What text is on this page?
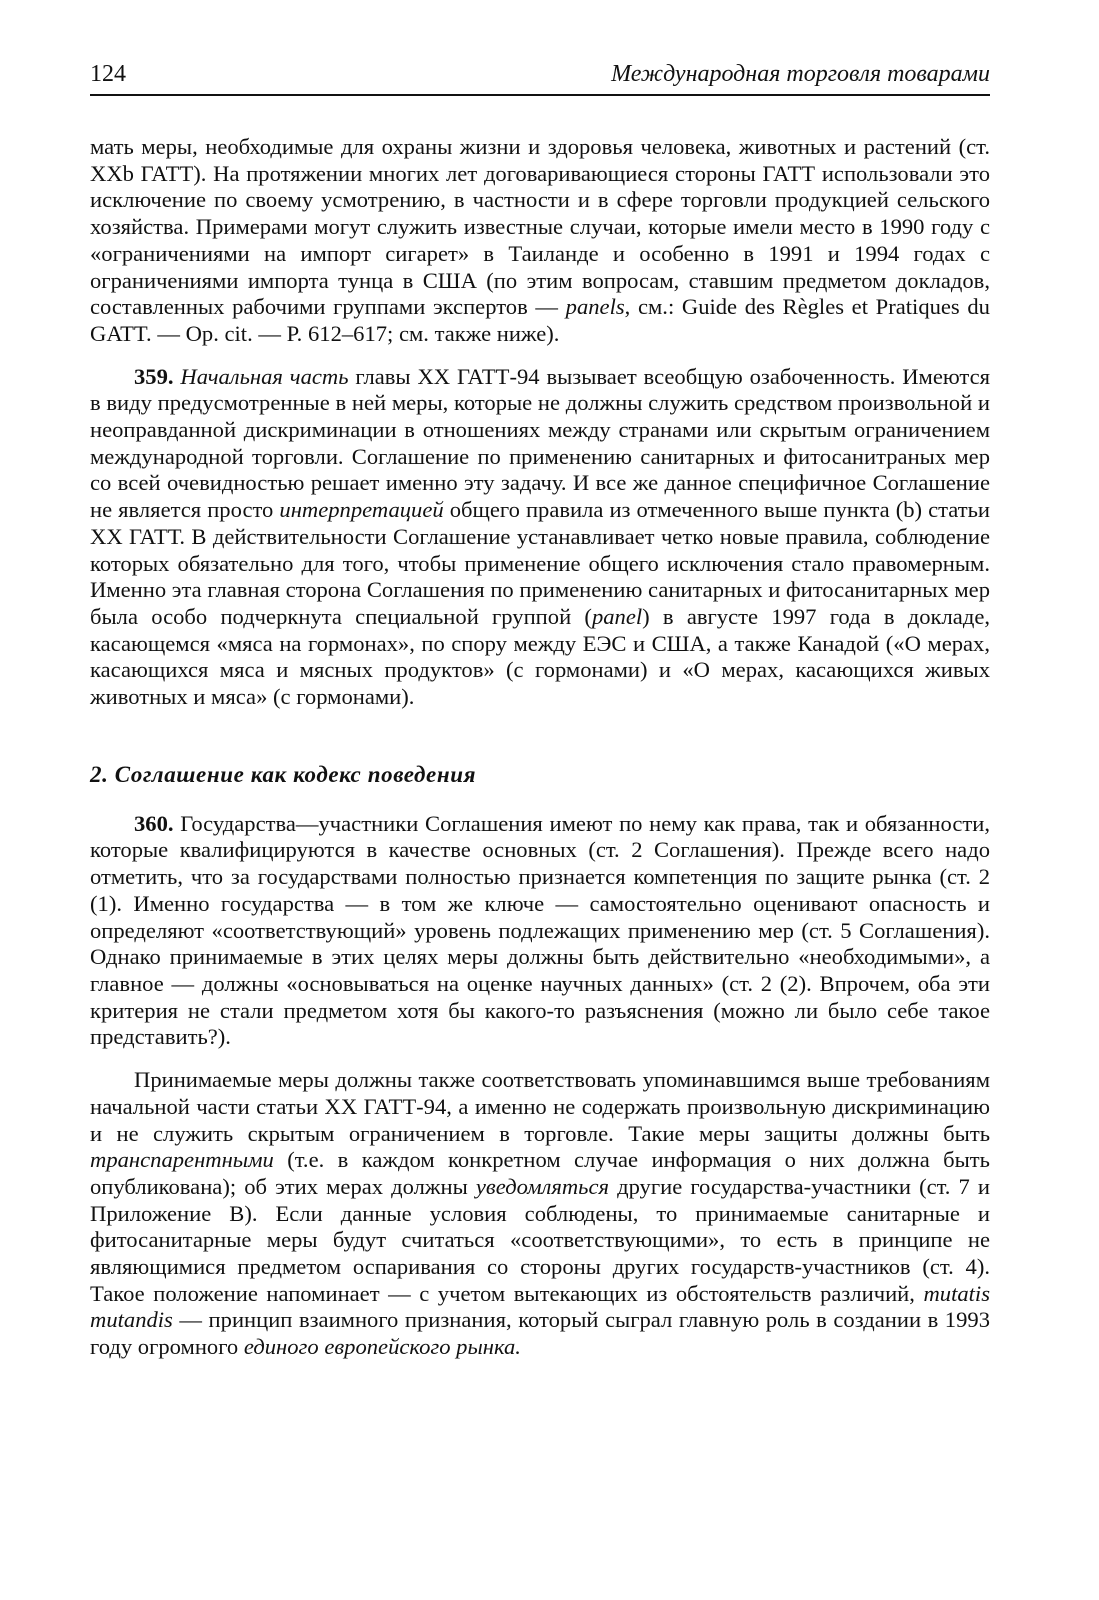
124	Международная торговля товарами

мать меры, необходимые для охраны жизни и здоровья человека, животных и растений (ст. XXb ГАТТ). На протяжении многих лет договаривающиеся стороны ГАТТ использовали это исключение по своему усмотрению, в частности и в сфере торговли продукцией сельского хозяйства. Примерами могут служить известные случаи, которые имели место в 1990 году с «ограничениями на импорт сигарет» в Таиланде и особенно в 1991 и 1994 годах с ограничениями импорта тунца в США (по этим вопросам, ставшим предметом докладов, составленных рабочими группами экспертов — panels, см.: Guide des Règles et Pratiques du GATT. — Op. cit. — P. 612–617; см. также ниже).

359. Начальная часть главы XX ГАТТ-94 вызывает всеобщую озабоченность. Имеются в виду предусмотренные в ней меры, которые не должны служить средством произвольной и неоправданной дискриминации в отношениях между странами или скрытым ограничением международной торговли. Соглашение по применению санитарных и фитосанитраных мер со всей очевидностью решает именно эту задачу. И все же данное специфичное Соглашение не является просто интерпретацией общего правила из отмеченного выше пункта (b) статьи XX ГАТТ. В действительности Соглашение устанавливает четко новые правила, соблюдение которых обязательно для того, чтобы применение общего исключения стало правомерным. Именно эта главная сторона Соглашения по применению санитарных и фитосанитарных мер была особо подчеркнута специальной группой (panel) в августе 1997 года в докладе, касающемся «мяса на гормонах», по спору между ЕЭС и США, а также Канадой («О мерах, касающихся мяса и мясных продуктов» (с гормонами) и «О мерах, касающихся живых животных и мяса» (с гормонами).

2. Соглашение как кодекс поведения

360. Государства—участники Соглашения имеют по нему как права, так и обязанности, которые квалифицируются в качестве основных (ст. 2 Соглашения). Прежде всего надо отметить, что за государствами полностью признается компетенция по защите рынка (ст. 2 (1). Именно государства — в том же ключе — самостоятельно оценивают опасность и определяют «соответствующий» уровень подлежащих применению мер (ст. 5 Соглашения). Однако принимаемые в этих целях меры должны быть действительно «необходимыми», а главное — должны «основываться на оценке научных данных» (ст. 2 (2). Впрочем, оба эти критерия не стали предметом хотя бы какого-то разъяснения (можно ли было себе такое представить?).

Принимаемые меры должны также соответствовать упоминавшимся выше требованиям начальной части статьи XX ГАТТ-94, а именно не содержать произвольную дискриминацию и не служить скрытым ограничением в торговле. Такие меры защиты должны быть транспарентными (т.е. в каждом конкретном случае информация о них должна быть опубликована); об этих мерах должны уведомляться другие государства-участники (ст. 7 и Приложение В). Если данные условия соблюдены, то принимаемые санитарные и фитосанитарные меры будут считаться «соответствующими», то есть в принципе не являющимися предметом оспаривания со стороны других государств-участников (ст. 4). Такое положение напоминает — с учетом вытекающих из обстоятельств различий, mutatis mutandis — принцип взаимного признания, который сыграл главную роль в создании в 1993 году огромного единого европейского рынка.
